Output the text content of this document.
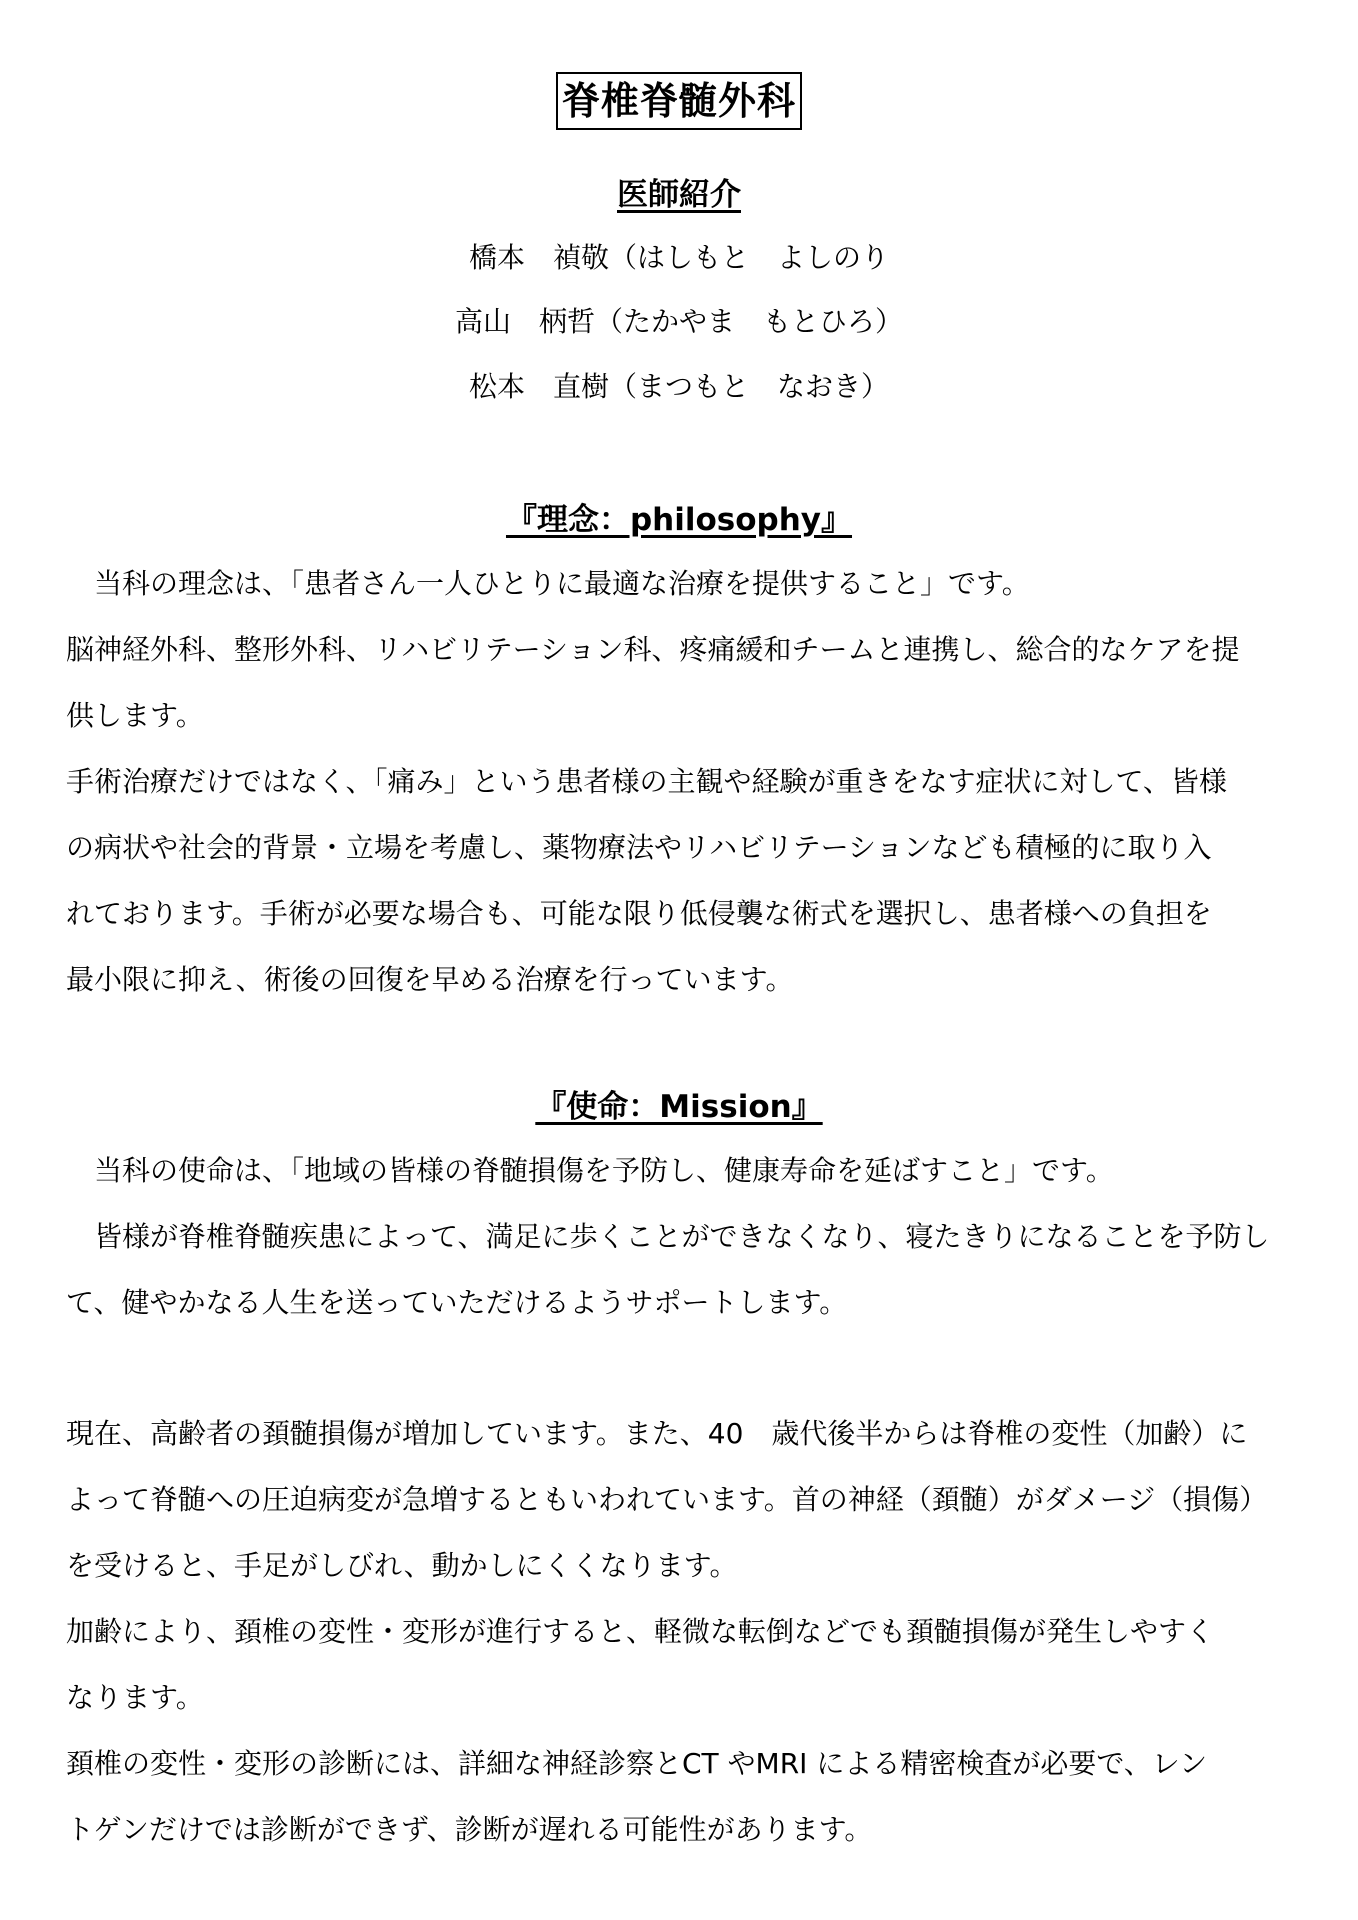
脊椎脊髄外科
医師紹介
橋本　禎敬（はしもと　よしのり
高山　柄哲（たかやま　もとひろ）
松本　直樹（まつもと　なおき）
『理念：philosophy』
　当科の理念は、「患者さん一人ひとりに最適な治療を提供すること」です。
脳神経外科、整形外科、リハビリテーション科、疼痛緩和チームと連携し、総合的なケアを提
供します。
手術治療だけではなく、「痛み」という患者様の主観や経験が重きをなす症状に対して、皆様
の病状や社会的背景・立場を考慮し、薬物療法やリハビリテーションなども積極的に取り入
れております。手術が必要な場合も、可能な限り低侵襲な術式を選択し、患者様への負担を
最小限に抑え、術後の回復を早める治療を行っています。
『使命：Mission』
　当科の使命は、「地域の皆様の脊髄損傷を予防し、健康寿命を延ばすこと」です。
　皆様が脊椎脊髄疾患によって、満足に歩くことができなくなり、寝たきりになることを予防し
て、健やかなる人生を送っていただけるようサポートします。
現在、高齢者の頚髄損傷が増加しています。また、40　歳代後半からは脊椎の変性（加齢）に
よって脊髄への圧迫病変が急増するともいわれています。首の神経（頚髄）がダメージ（損傷）
を受けると、手足がしびれ、動かしにくくなります。
加齢により、頚椎の変性・変形が進行すると、軽微な転倒などでも頚髄損傷が発生しやすく
なります。
頚椎の変性・変形の診断には、詳細な神経診察とCT やMRI による精密検査が必要で、レン
トゲンだけでは診断ができず、診断が遅れる可能性があります。
